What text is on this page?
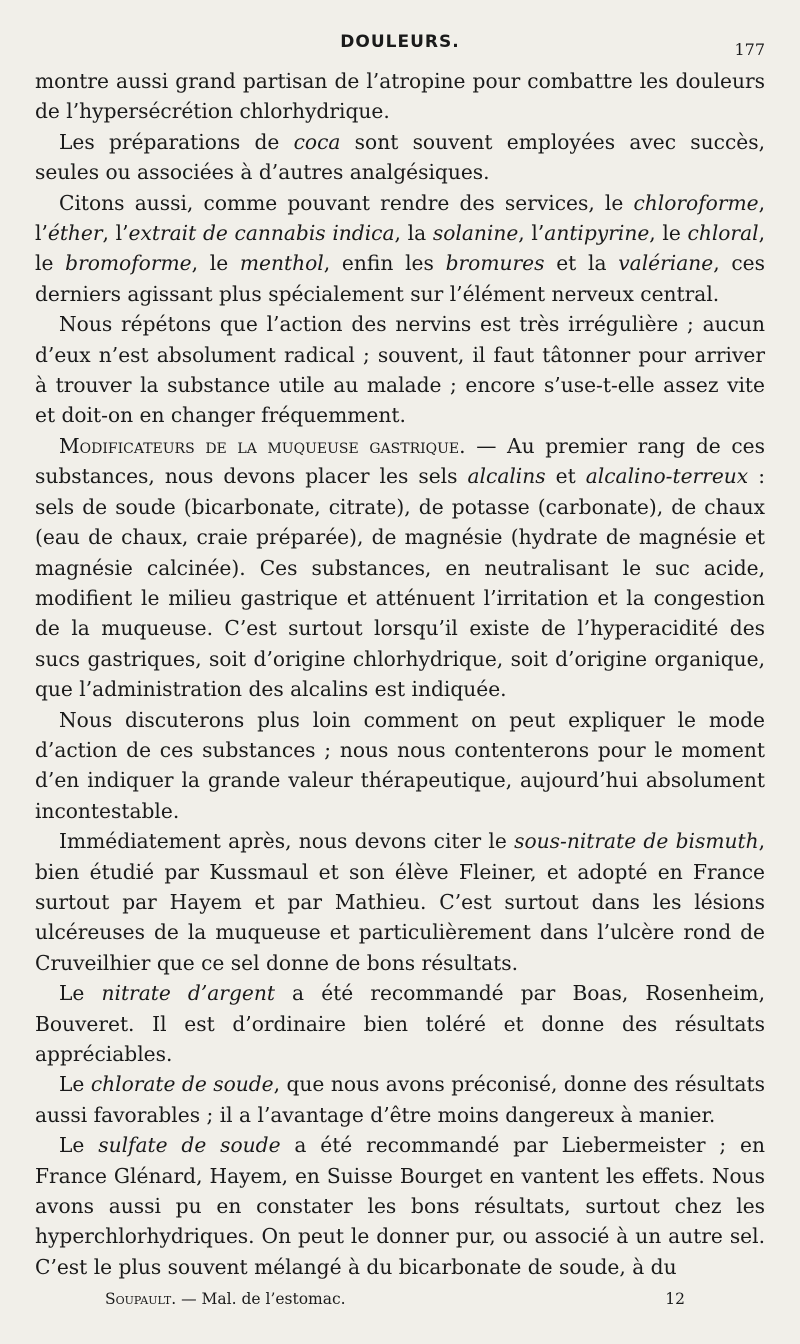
DOULEURS.	177

montre aussi grand partisan de l’atropine pour combattre les douleurs de l’hypersécrétion chlorhydrique.

Les préparations de coca sont souvent employées avec succès, seules ou associées à d’autres analgésiques.

Citons aussi, comme pouvant rendre des services, le chloroforme, l’éther, l’extrait de cannabis indica, la solanine, l’antipyrine, le chloral, le bromoforme, le menthol, enfin les bromures et la valériane, ces derniers agissant plus spécialement sur l’élément nerveux central.

Nous répétons que l’action des nervins est très irrégulière ; aucun d’eux n’est absolument radical ; souvent, il faut tâtonner pour arriver à trouver la substance utile au malade ; encore s’use-t-elle assez vite et doit-on en changer fréquemment.

Modificateurs de la muqueuse gastrique. — Au premier rang de ces substances, nous devons placer les sels alcalins et alcalino-terreux : sels de soude (bicarbonate, citrate), de potasse (carbonate), de chaux (eau de chaux, craie préparée), de magnésie (hydrate de magnésie et magnésie calcinée). Ces substances, en neutralisant le suc acide, modifient le milieu gastrique et atténuent l’irritation et la congestion de la muqueuse. C’est surtout lorsqu’il existe de l’hyperacidité des sucs gastriques, soit d’origine chlorhydrique, soit d’origine organique, que l’administration des alcalins est indiquée.

Nous discuterons plus loin comment on peut expliquer le mode d’action de ces substances ; nous nous contenterons pour le moment d’en indiquer la grande valeur thérapeutique, aujourd’hui absolument incontestable.

Immédiatement après, nous devons citer le sous-nitrate de bismuth, bien étudié par Kussmaul et son élève Fleiner, et adopté en France surtout par Hayem et par Mathieu. C’est surtout dans les lésions ulcéreuses de la muqueuse et particulièrement dans l’ulcère rond de Cruveilhier que ce sel donne de bons résultats.

Le nitrate d’argent a été recommandé par Boas, Rosenheim, Bouveret. Il est d’ordinaire bien toléré et donne des résultats appréciables.

Le chlorate de soude, que nous avons préconisé, donne des résultats aussi favorables ; il a l’avantage d’être moins dangereux à manier.

Le sulfate de soude a été recommandé par Liebermeister ; en France Glénard, Hayem, en Suisse Bourget en vantent les effets. Nous avons aussi pu en constater les bons résultats, surtout chez les hyperchlorhydriques. On peut le donner pur, ou associé à un autre sel. C’est le plus souvent mélangé à du bicarbonate de soude, à du

Soupault. — Mal. de l’estomac.	12
